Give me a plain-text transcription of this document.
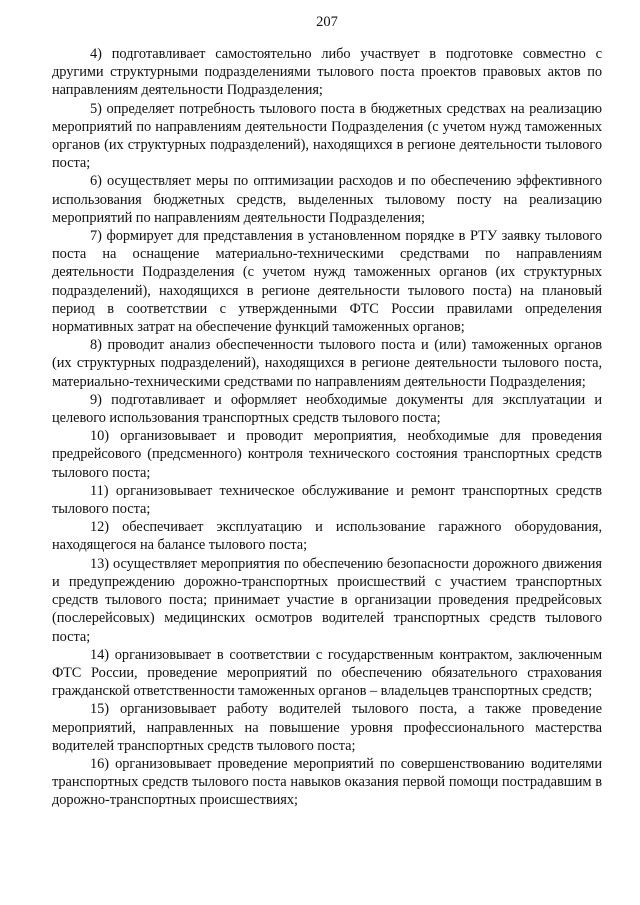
207

4) подготавливает самостоятельно либо участвует в подготовке совместно с другими структурными подразделениями тылового поста проектов правовых актов по направлениям деятельности Подразделения;

5) определяет потребность тылового поста в бюджетных средствах на реализацию мероприятий по направлениям деятельности Подразделения (с учетом нужд таможенных органов (их структурных подразделений), находящихся в регионе деятельности тылового поста;

6) осуществляет меры по оптимизации расходов и по обеспечению эффективного использования бюджетных средств, выделенных тыловому посту на реализацию мероприятий по направлениям деятельности Подразделения;

7) формирует для представления в установленном порядке в РТУ заявку тылового поста на оснащение материально-техническими средствами по направлениям деятельности Подразделения (с учетом нужд таможенных органов (их структурных подразделений), находящихся в регионе деятельности тылового поста) на плановый период в соответствии с утвержденными ФТС России правилами определения нормативных затрат на обеспечение функций таможенных органов;

8) проводит анализ обеспеченности тылового поста и (или) таможенных органов (их структурных подразделений), находящихся в регионе деятельности тылового поста, материально-техническими средствами по направлениям деятельности Подразделения;

9) подготавливает и оформляет необходимые документы для эксплуатации и целевого использования транспортных средств тылового поста;

10) организовывает и проводит мероприятия, необходимые для проведения предрейсового (предсменного) контроля технического состояния транспортных средств тылового поста;

11) организовывает техническое обслуживание и ремонт транспортных средств тылового поста;

12) обеспечивает эксплуатацию и использование гаражного оборудования, находящегося на балансе тылового поста;

13) осуществляет мероприятия по обеспечению безопасности дорожного движения и предупреждению дорожно-транспортных происшествий с участием транспортных средств тылового поста; принимает участие в организации проведения предрейсовых (послерейсовых) медицинских осмотров водителей транспортных средств тылового поста;

14) организовывает в соответствии с государственным контрактом, заключенным ФТС России, проведение мероприятий по обеспечению обязательного страхования гражданской ответственности таможенных органов – владельцев транспортных средств;

15) организовывает работу водителей тылового поста, а также проведение мероприятий, направленных на повышение уровня профессионального мастерства водителей транспортных средств тылового поста;

16) организовывает проведение мероприятий по совершенствованию водителями транспортных средств тылового поста навыков оказания первой помощи пострадавшим в дорожно-транспортных происшествиях;
